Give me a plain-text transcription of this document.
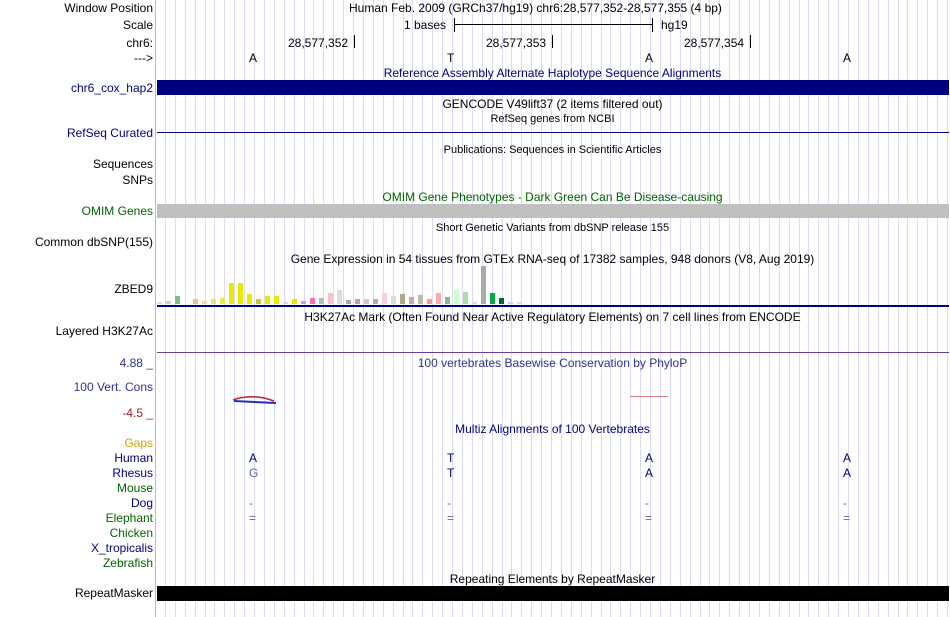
Window Position	Human Feb. 2009 (GRCh37/hg19) chr6:28,577,352-28,577,355 (4 bp)
Scale	1 bases	hg19
chr6:	28,577,352	28,577,353	28,577,354
--->	A	T	A	A
Reference Assembly Alternate Haplotype Sequence Alignments
chr6_cox_hap2
GENCODE V49lift37 (2 items filtered out)
RefSeq genes from NCBI
RefSeq Curated
Publications: Sequences in Scientific Articles
Sequences
SNPs
OMIM Gene Phenotypes - Dark Green Can Be Disease-causing
OMIM Genes
Short Genetic Variants from dbSNP release 155
Common dbSNP(155)
Gene Expression in 54 tissues from GTEx RNA-seq of 17382 samples, 948 donors (V8, Aug 2019)
ZBED9
H3K27Ac Mark (Often Found Near Active Regulatory Elements) on 7 cell lines from ENCODE
Layered H3K27Ac
100 vertebrates Basewise Conservation by PhyloP
4.88 _
100 Vert. Cons
-4.5 _
Multiz Alignments of 100 Vertebrates
Gaps
Human	A	T	A	A
Rhesus	G	T	A	A
Mouse
Dog	-	-	-	-
Elephant	=	=	=	=
Chicken
X_tropicalis
Zebrafish
Repeating Elements by RepeatMasker
RepeatMasker
